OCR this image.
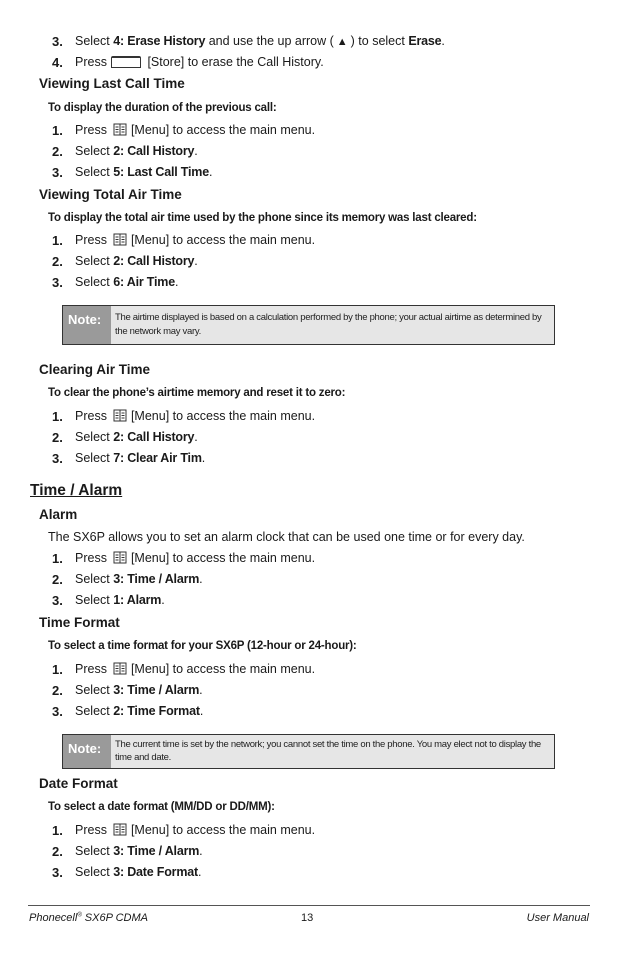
3. Select 4: Erase History and use the up arrow ( ▲ ) to select Erase.
4. Press	[Store] to erase the Call History.
Viewing Last Call Time
To display the duration of the previous call:
1. Press [Menu] to access the main menu.
2. Select 2: Call History.
3. Select 5: Last Call Time.
Viewing Total Air Time
To display the total air time used by the phone since its memory was last cleared:
1. Press [Menu] to access the main menu.
2. Select 2: Call History.
3. Select 6: Air Time.
Note:	The airtime displayed is based on a calculation performed by the phone; your actual airtime as determined by the network may vary.
Clearing Air Time
To clear the phone’s airtime memory and reset it to zero:
1. Press [Menu] to access the main menu.
2. Select 2: Call History.
3. Select 7: Clear Air Tim.
Time / Alarm
Alarm
The SX6P allows you to set an alarm clock that can be used one time or for every day.
1. Press [Menu] to access the main menu.
2. Select 3: Time / Alarm.
3. Select 1: Alarm.
Time Format
To select a time format for your SX6P (12-hour or 24-hour):
1. Press [Menu] to access the main menu.
2. Select 3: Time / Alarm.
3. Select 2: Time Format.
Note:	The current time is set by the network; you cannot set the time on the phone. You may elect not to display the time and date.
Date Format
To select a date format (MM/DD or DD/MM):
1. Press [Menu] to access the main menu.
2. Select 3: Time / Alarm.
3. Select 3: Date Format.
Phonecell® SX6P CDMA	13	User Manual
